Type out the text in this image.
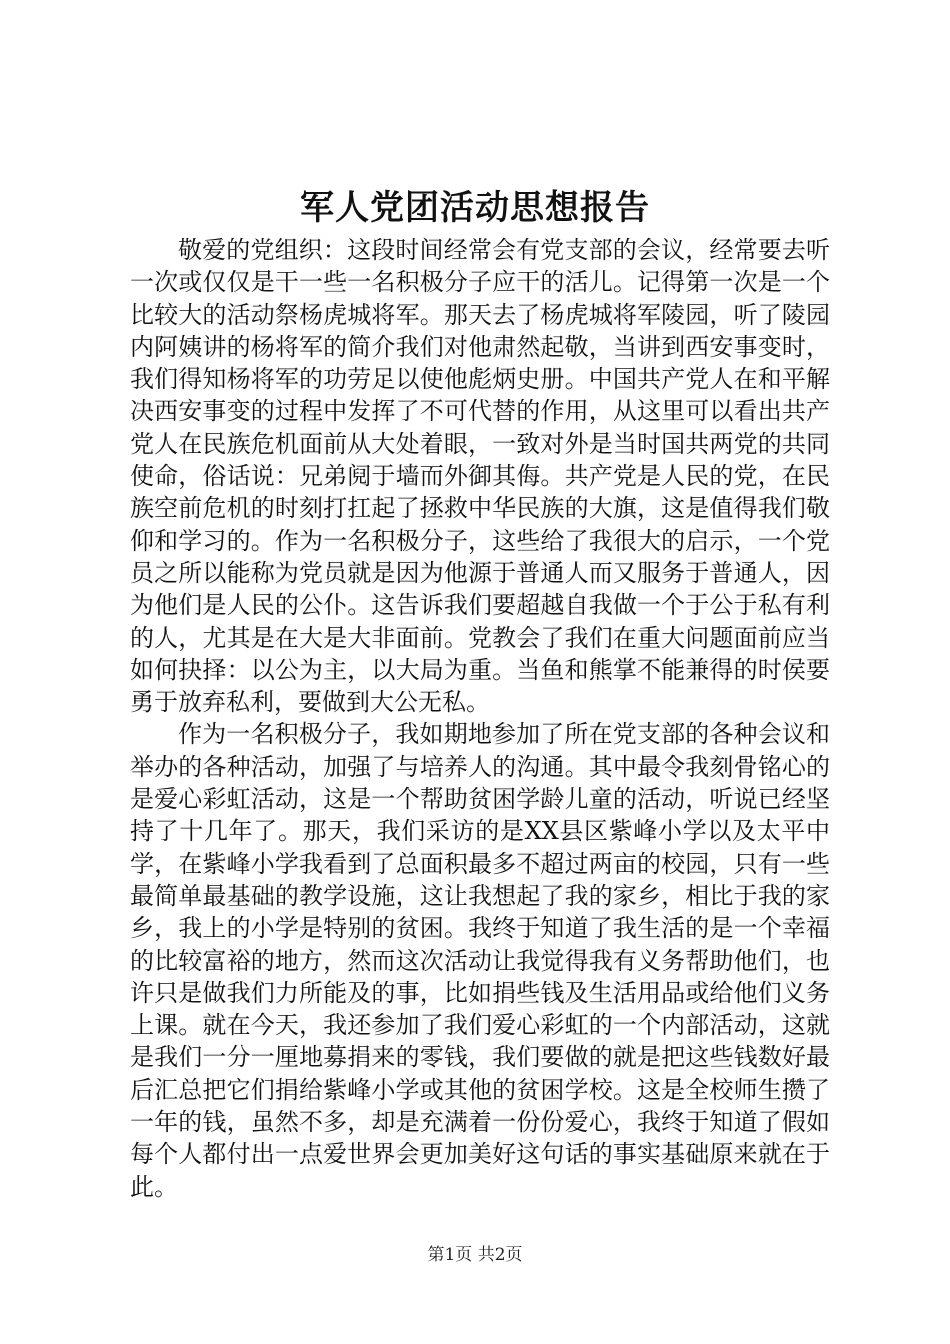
军人党团活动思想报告

敬爱的党组织：这段时间经常会有党支部的会议，经常要去听一次或仅仅是干一些一名积极分子应干的活儿。记得第一次是一个比较大的活动祭杨虎城将军。那天去了杨虎城将军陵园，听了陵园内阿姨讲的杨将军的简介我们对他肃然起敬，当讲到西安事变时，我们得知杨将军的功劳足以使他彪炳史册。中国共产党人在和平解决西安事变的过程中发挥了不可代替的作用，从这里可以看出共产党人在民族危机面前从大处着眼，一致对外是当时国共两党的共同使命，俗话说：兄弟阋于墙而外御其侮。共产党是人民的党，在民族空前危机的时刻打扛起了拯救中华民族的大旗，这是值得我们敬仰和学习的。作为一名积极分子，这些给了我很大的启示，一个党员之所以能称为党员就是因为他源于普通人而又服务于普通人，因为他们是人民的公仆。这告诉我们要超越自我做一个于公于私有利的人，尤其是在大是大非面前。党教会了我们在重大问题面前应当如何抉择：以公为主，以大局为重。当鱼和熊掌不能兼得的时侯要勇于放弃私利，要做到大公无私。

作为一名积极分子，我如期地参加了所在党支部的各种会议和举办的各种活动，加强了与培养人的沟通。其中最令我刻骨铭心的是爱心彩虹活动，这是一个帮助贫困学龄儿童的活动，听说已经坚持了十几年了。那天，我们采访的是XX县区紫峰小学以及太平中学，在紫峰小学我看到了总面积最多不超过两亩的校园，只有一些最简单最基础的教学设施，这让我想起了我的家乡，相比于我的家乡，我上的小学是特别的贫困。我终于知道了我生活的是一个幸福的比较富裕的地方，然而这次活动让我觉得我有义务帮助他们，也许只是做我们力所能及的事，比如捐些钱及生活用品或给他们义务上课。就在今天，我还参加了我们爱心彩虹的一个内部活动，这就是我们一分一厘地募捐来的零钱，我们要做的就是把这些钱数好最后汇总把它们捐给紫峰小学或其他的贫困学校。这是全校师生攒了一年的钱，虽然不多，却是充满着一份份爱心，我终于知道了假如每个人都付出一点爱世界会更加美好这句话的事实基础原来就在于此。

第1页 共2页
